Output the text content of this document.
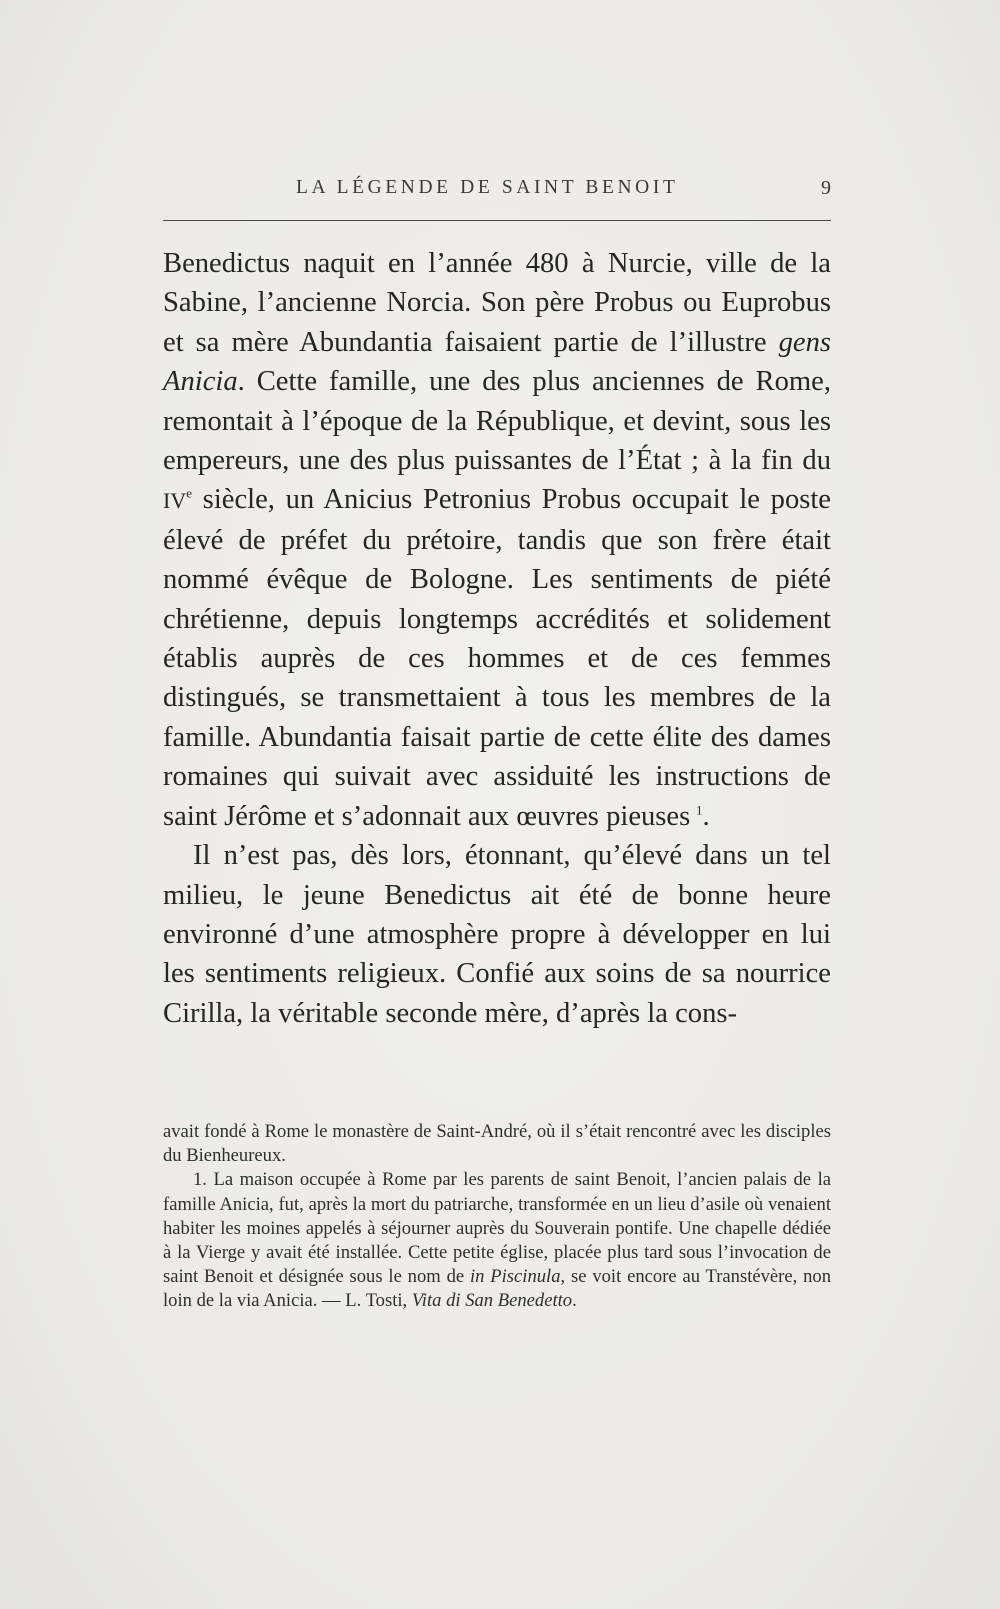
LA LÉGENDE DE SAINT BENOIT	9

Benedictus naquit en l’année 480 à Nurcie, ville de la Sabine, l’ancienne Norcia. Son père Probus ou Euprobus et sa mère Abundantia faisaient partie de l’illustre gens Anicia. Cette famille, une des plus anciennes de Rome, remontait à l’époque de la République, et devint, sous les empereurs, une des plus puissantes de l’État ; à la fin du IVe siècle, un Anicius Petronius Probus occupait le poste élevé de préfet du prétoire, tandis que son frère était nommé évêque de Bologne. Les sentiments de piété chrétienne, depuis longtemps accrédités et solidement établis auprès de ces hommes et de ces femmes distingués, se transmettaient à tous les membres de la famille. Abundantia faisait partie de cette élite des dames romaines qui suivait avec assiduité les instructions de saint Jérôme et s’adonnait aux œuvres pieuses  $^1$.

Il n’est pas, dès lors, étonnant, qu’élevé dans un tel milieu, le jeune Benedictus ait été de bonne heure environné d’une atmosphère propre à développer en lui les sentiments religieux. Confié aux soins de sa nourrice Cirilla, la véritable seconde mère, d’après la cons-

avait fondé à Rome le monastère de Saint-André, où il s’était rencontré avec les disciples du Bienheureux.

1. La maison occupée à Rome par les parents de saint Benoit, l’ancien palais de la famille Anicia, fut, après la mort du patriarche, transformée en un lieu d’asile où venaient habiter les moines appelés à séjourner auprès du Souverain pontife. Une chapelle dédiée à la Vierge y avait été installée. Cette petite église, placée plus tard sous l’invocation de saint Benoit et désignée sous le nom de in Piscinula, se voit encore au Transtévère, non loin de la via Anicia. — L. Tosti, Vita di San Benedetto.
